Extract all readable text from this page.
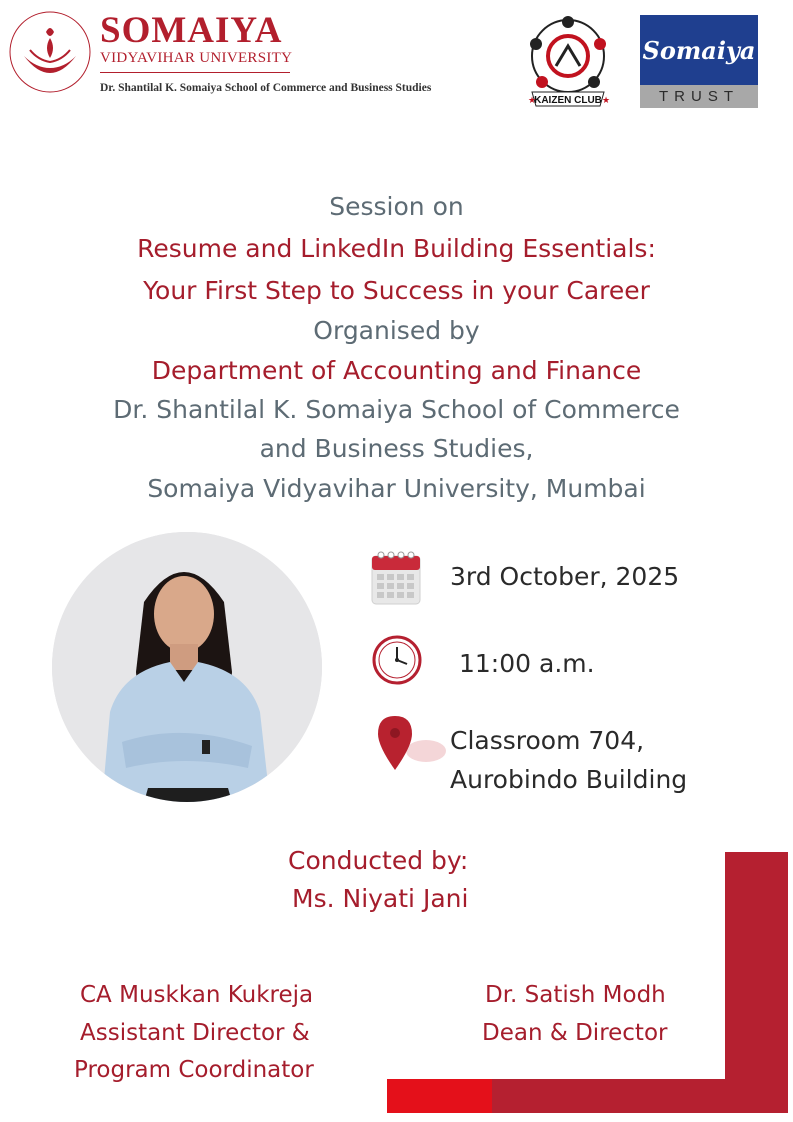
SOMAIYA
VIDYAVIHAR UNIVERSITY
Dr. Shantilal K. Somaiya School of Commerce and Business Studies
KAIZEN CLUB
★	★
Somaiya
TRUST
Session on
Resume and LinkedIn Building Essentials:
Your First Step to Success in your Career
Organised by
Department of Accounting and Finance
Dr. Shantilal K. Somaiya School of Commerce
and Business Studies,
Somaiya Vidyavihar University, Mumbai
3rd October, 2025
11:00 a.m.
Classroom 704,
Aurobindo Building
Conducted by:
Ms. Niyati Jani
CA Muskkan Kukreja
Assistant Director &
Program Coordinator
Dr. Satish Modh
Dean & Director
